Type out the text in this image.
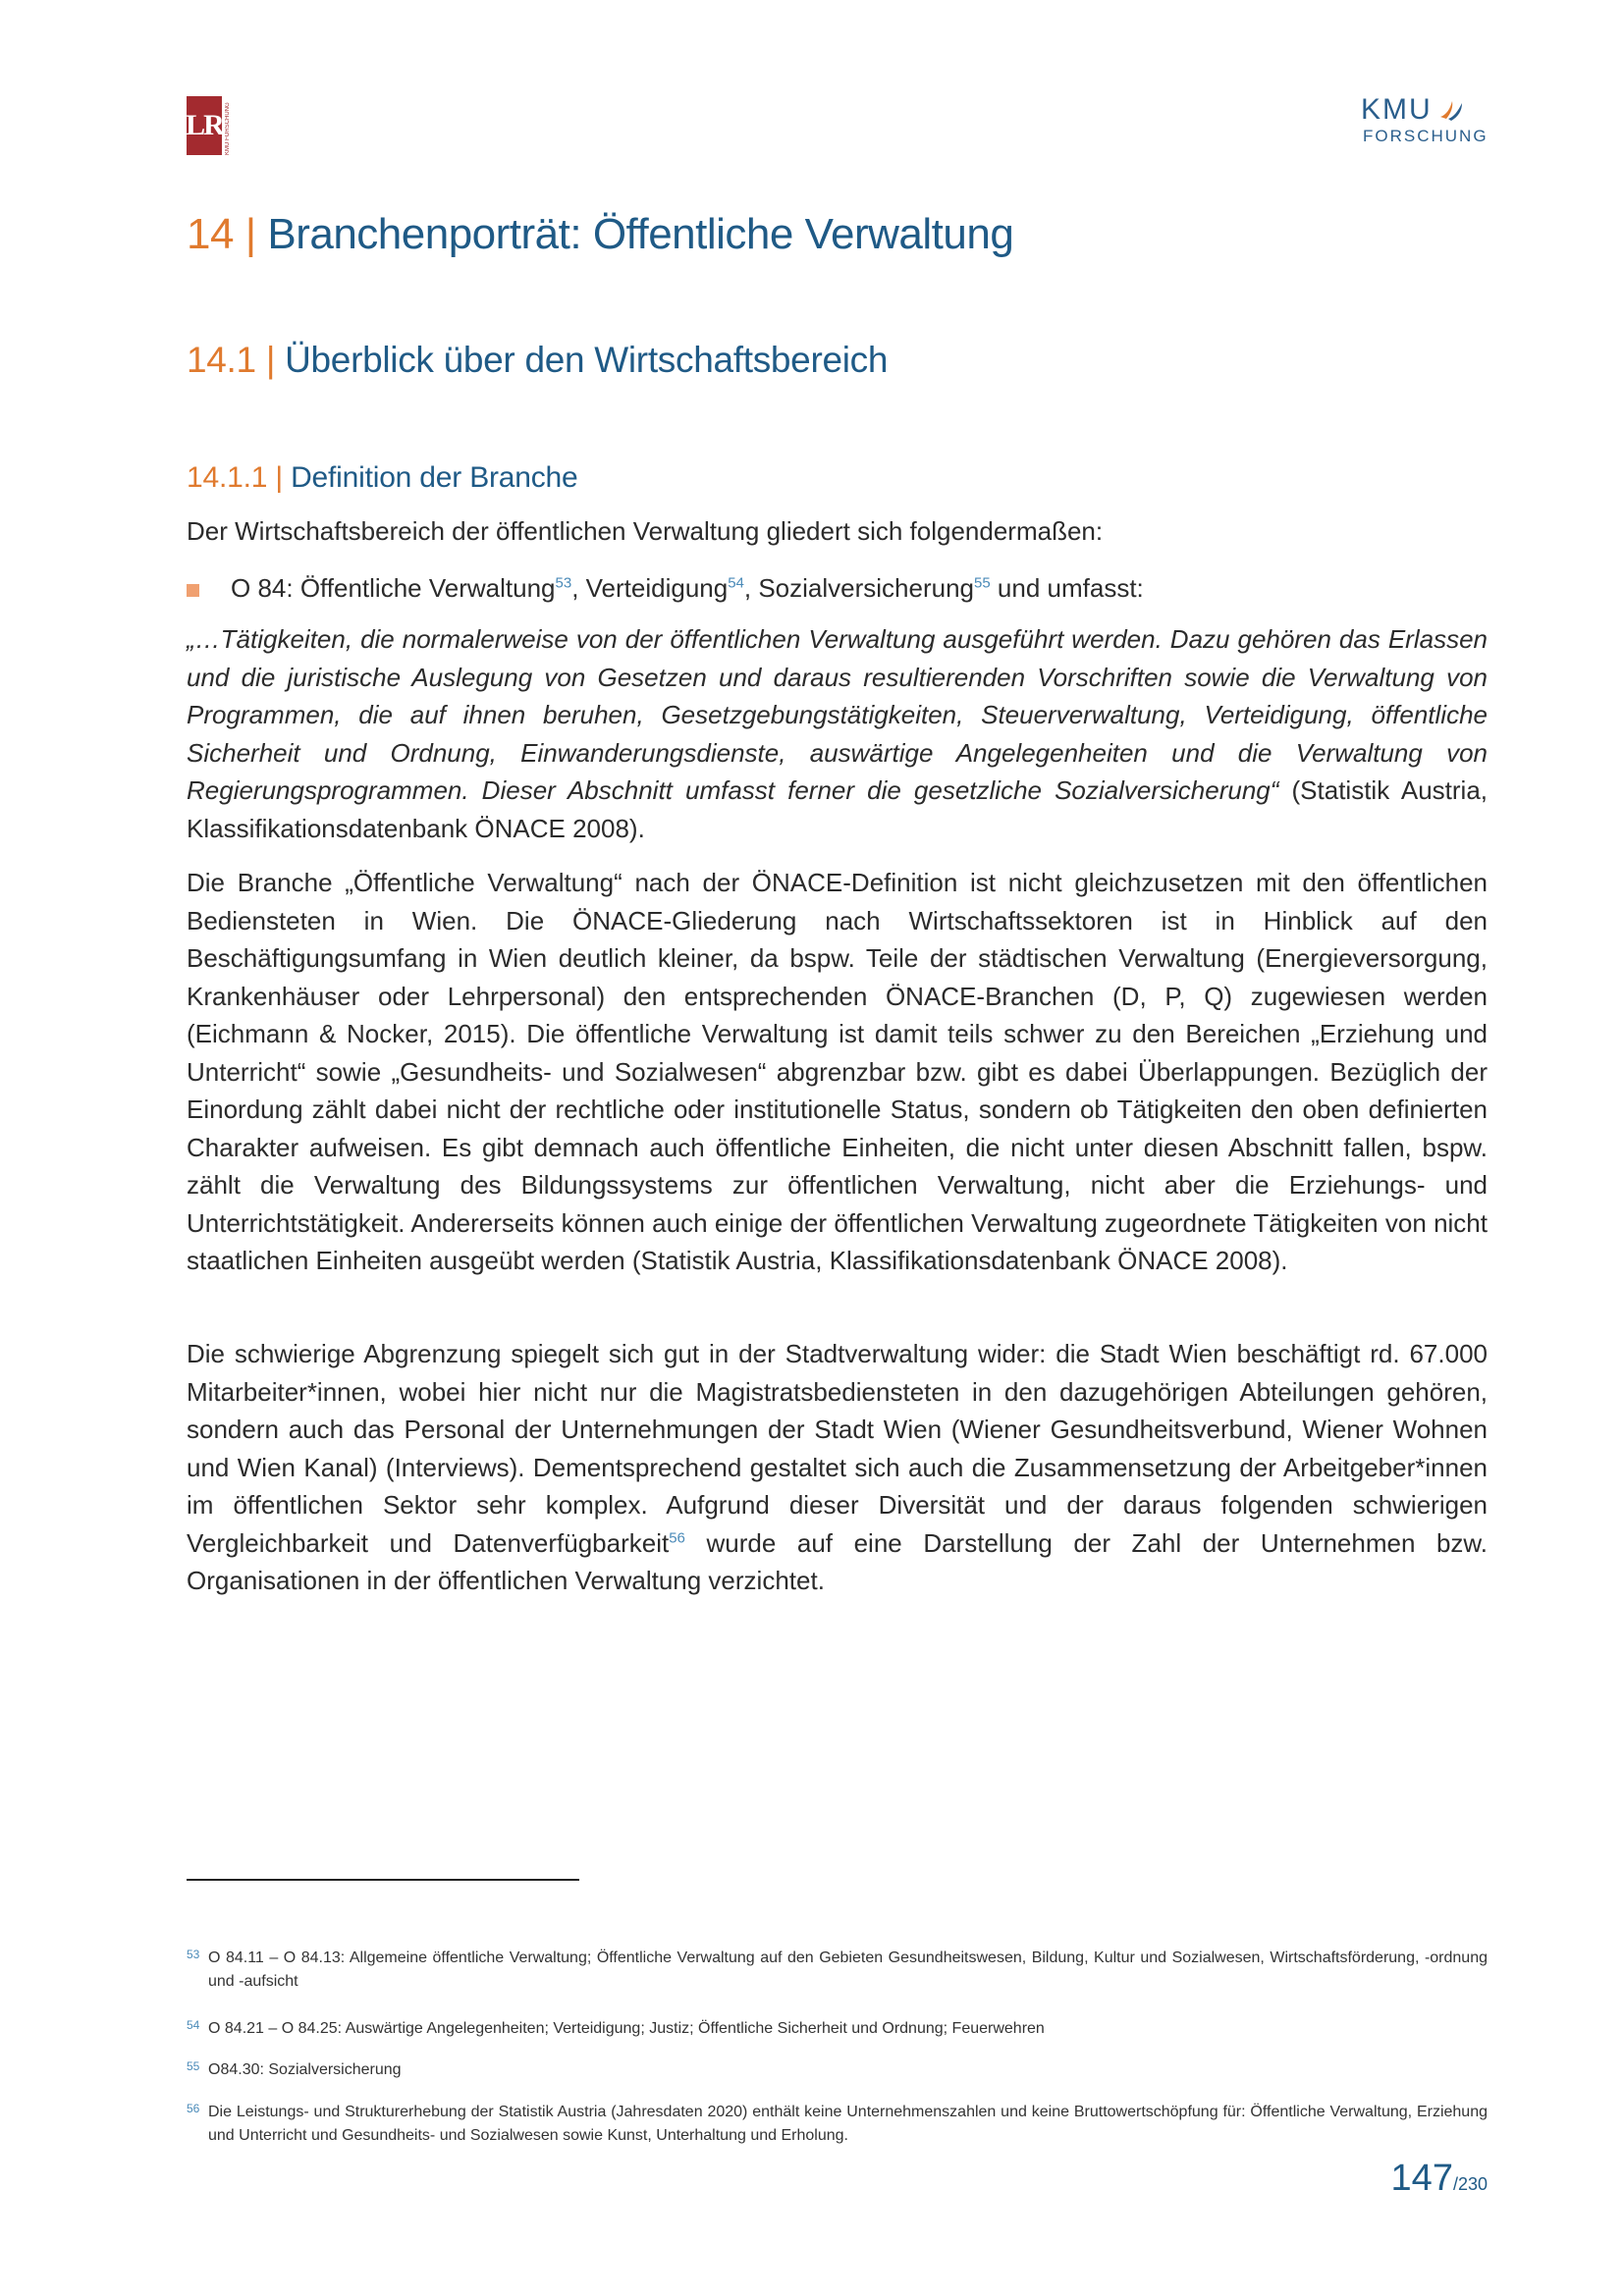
LR KMU FORSCHUNG	KMU
FORSCHUNG
14 | Branchenporträt: Öffentliche Verwaltung
14.1 | Überblick über den Wirtschaftsbereich
14.1.1 | Definition der Branche

Der Wirtschaftsbereich der öffentlichen Verwaltung gliedert sich folgendermaßen:

O 84: Öffentliche Verwaltung$^{53}$, Verteidigung$^{54}$, Sozialversicherung$^{55}$ und umfasst:

„…Tätigkeiten, die normalerweise von der öffentlichen Verwaltung ausgeführt werden. Dazu gehören das Erlassen und die juristische Auslegung von Gesetzen und daraus resultierenden Vorschriften sowie die Verwaltung von Programmen, die auf ihnen beruhen, Gesetzgebungstätigkeiten, Steuerverwaltung, Verteidigung, öffentliche Sicherheit und Ordnung, Einwanderungsdienste, auswärtige Angelegenheiten und die Verwaltung von Regierungsprogrammen. Dieser Abschnitt umfasst ferner die gesetzliche Sozialversicherung“ (Statistik Austria, Klassifikationsdatenbank ÖNACE 2008).

Die Branche „Öffentliche Verwaltung“ nach der ÖNACE-Definition ist nicht gleichzusetzen mit den öffentlichen Bediensteten in Wien. Die ÖNACE-Gliederung nach Wirtschaftssektoren ist in Hinblick auf den Beschäftigungsumfang in Wien deutlich kleiner, da bspw. Teile der städtischen Verwaltung (Energieversorgung, Krankenhäuser oder Lehrpersonal) den entsprechenden ÖNACE-Branchen (D, P, Q) zugewiesen werden (Eichmann & Nocker, 2015). Die öffentliche Verwaltung ist damit teils schwer zu den Bereichen „Erziehung und Unterricht“ sowie „Gesundheits- und Sozialwesen“ abgrenzbar bzw. gibt es dabei Überlappungen. Bezüglich der Einordung zählt dabei nicht der rechtliche oder institutionelle Status, sondern ob Tätigkeiten den oben definierten Charakter aufweisen. Es gibt demnach auch öffentliche Einheiten, die nicht unter diesen Abschnitt fallen, bspw. zählt die Verwaltung des Bildungssystems zur öffentlichen Verwaltung, nicht aber die Erziehungs- und Unterrichtstätigkeit. Andererseits können auch einige der öffentlichen Verwaltung zugeordnete Tätigkeiten von nicht staatlichen Einheiten ausgeübt werden (Statistik Austria, Klassifikationsdatenbank ÖNACE 2008).

Die schwierige Abgrenzung spiegelt sich gut in der Stadtverwaltung wider: die Stadt Wien beschäftigt rd. 67.000 Mitarbeiter*innen, wobei hier nicht nur die Magistratsbediensteten in den dazugehörigen Abteilungen gehören, sondern auch das Personal der Unternehmungen der Stadt Wien (Wiener Gesundheitsverbund, Wiener Wohnen und Wien Kanal) (Interviews). Dementsprechend gestaltet sich auch die Zusammensetzung der Arbeitgeber*innen im öffentlichen Sektor sehr komplex. Aufgrund dieser Diversität und der daraus folgenden schwierigen Vergleichbarkeit und Datenverfügbarkeit$^{56}$ wurde auf eine Darstellung der Zahl der Unternehmen bzw. Organisationen in der öffentlichen Verwaltung verzichtet.

53 O 84.11 – O 84.13: Allgemeine öffentliche Verwaltung; Öffentliche Verwaltung auf den Gebieten Gesundheitswesen, Bildung, Kultur und Sozialwesen, Wirtschaftsförderung, -ordnung und -aufsicht
54 O 84.21 – O 84.25: Auswärtige Angelegenheiten; Verteidigung; Justiz; Öffentliche Sicherheit und Ordnung; Feuerwehren
55 O84.30: Sozialversicherung
56 Die Leistungs- und Strukturerhebung der Statistik Austria (Jahresdaten 2020) enthält keine Unternehmenszahlen und keine Bruttowertschöpfung für: Öffentliche Verwaltung, Erziehung und Unterricht und Gesundheits- und Sozialwesen sowie Kunst, Unterhaltung und Erholung.
147/230
